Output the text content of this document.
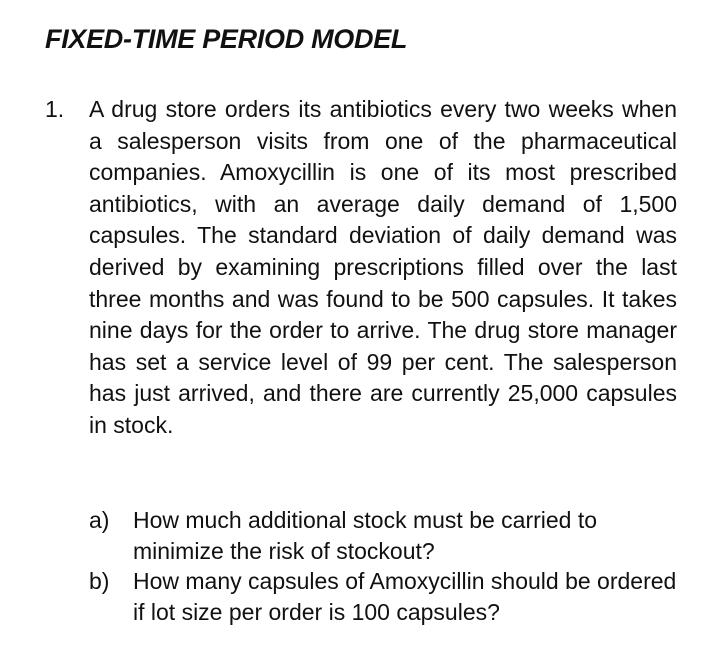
FIXED-TIME PERIOD MODEL
1. A drug store orders its antibiotics every two weeks when a salesperson visits from one of the pharmaceutical companies. Amoxycillin is one of its most prescribed antibiotics, with an average daily demand of 1,500 capsules. The standard deviation of daily demand was derived by examining prescriptions filled over the last three months and was found to be 500 capsules. It takes nine days for the order to arrive. The drug store manager has set a service level of 99 per cent. The salesperson has just arrived, and there are currently 25,000 capsules in stock.
a) How much additional stock must be carried to minimize the risk of stockout?
b) How many capsules of Amoxycillin should be ordered if lot size per order is 100 capsules?
